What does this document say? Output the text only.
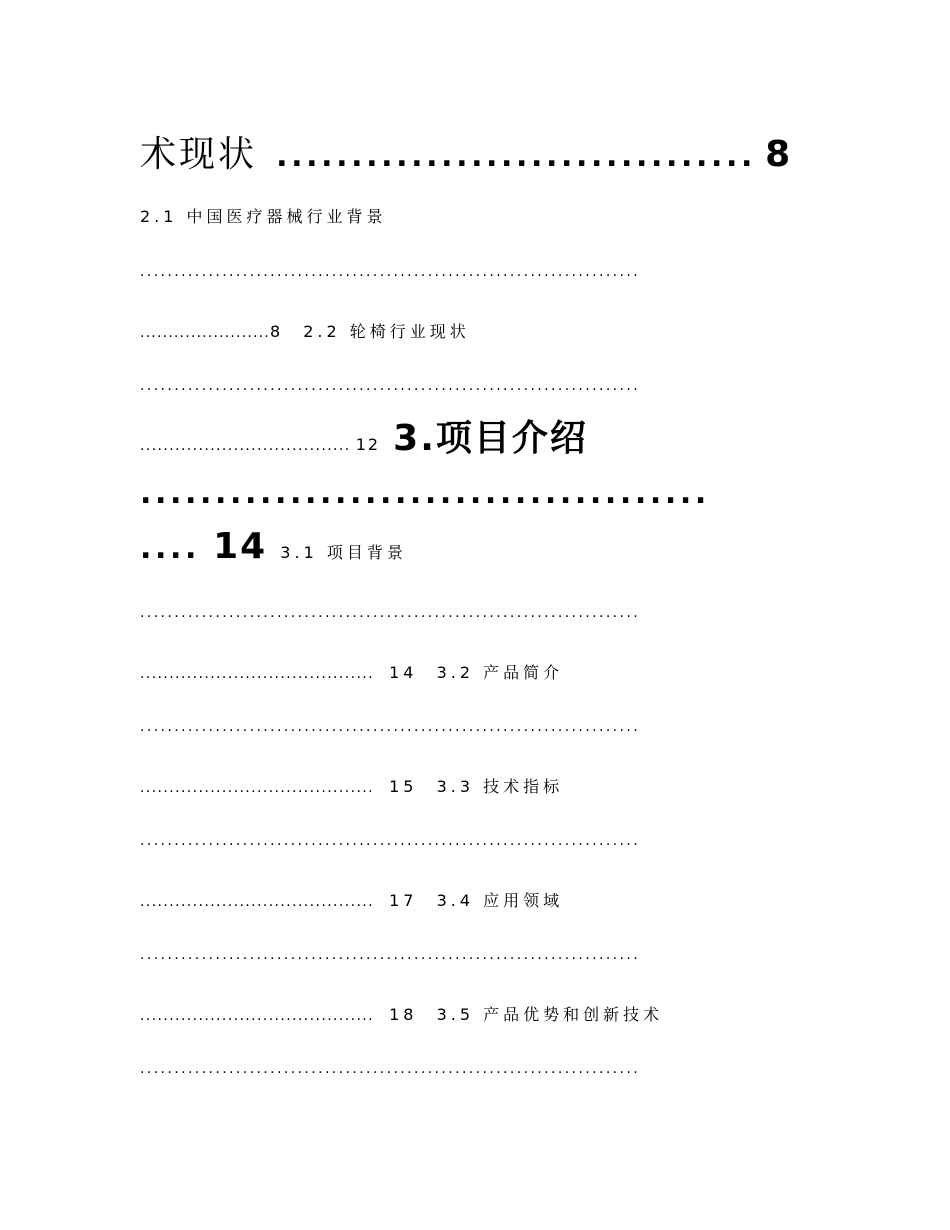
术现状 ................................ 8
2.1 中国医疗器械行业背景
.........................................................................
.......................8 2.2 轮椅行业现状
.........................................................................
.................................... 12 3.项目介绍
......................................
.... 14 3.1 项目背景
.........................................................................
........................................ 14 3.2 产品简介
.........................................................................
........................................ 15 3.3 技术指标
.........................................................................
........................................ 17 3.4 应用领域
.........................................................................
........................................ 18 3.5 产品优势和创新技术
.........................................................................
